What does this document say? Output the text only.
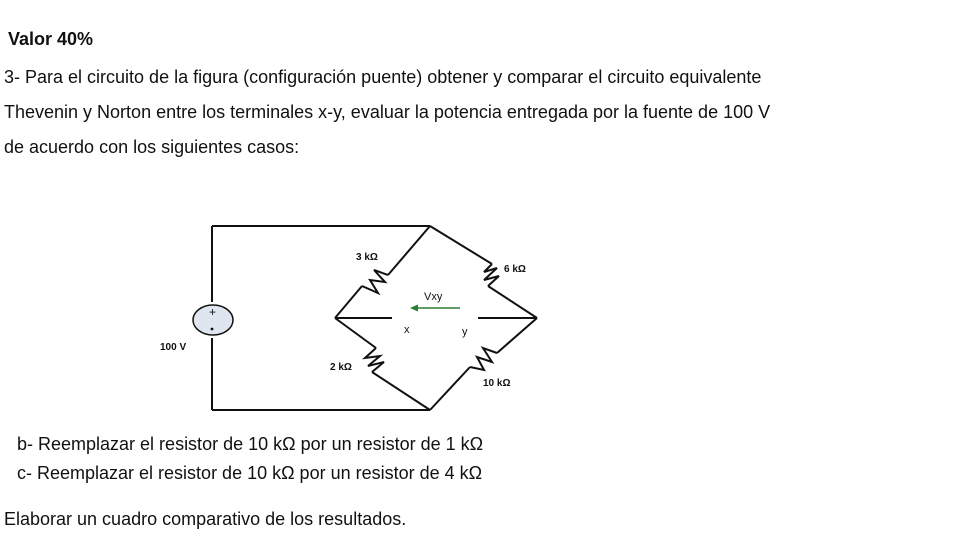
Valor 40%

3- Para el circuito de la figura (configuración puente) obtener y comparar el circuito equivalente

Thevenin y Norton entre los terminales x-y, evaluar la potencia entregada por la fuente de 100 V

de acuerdo con los siguientes casos:

+
100 V
3 kΩ
6 kΩ
2 kΩ
10 kΩ
Vxy
x	y

b- Reemplazar el resistor de 10 kΩ por un resistor de 1 kΩ

c- Reemplazar el resistor de 10 kΩ por un resistor de 4 kΩ

Elaborar un cuadro comparativo de los resultados.
